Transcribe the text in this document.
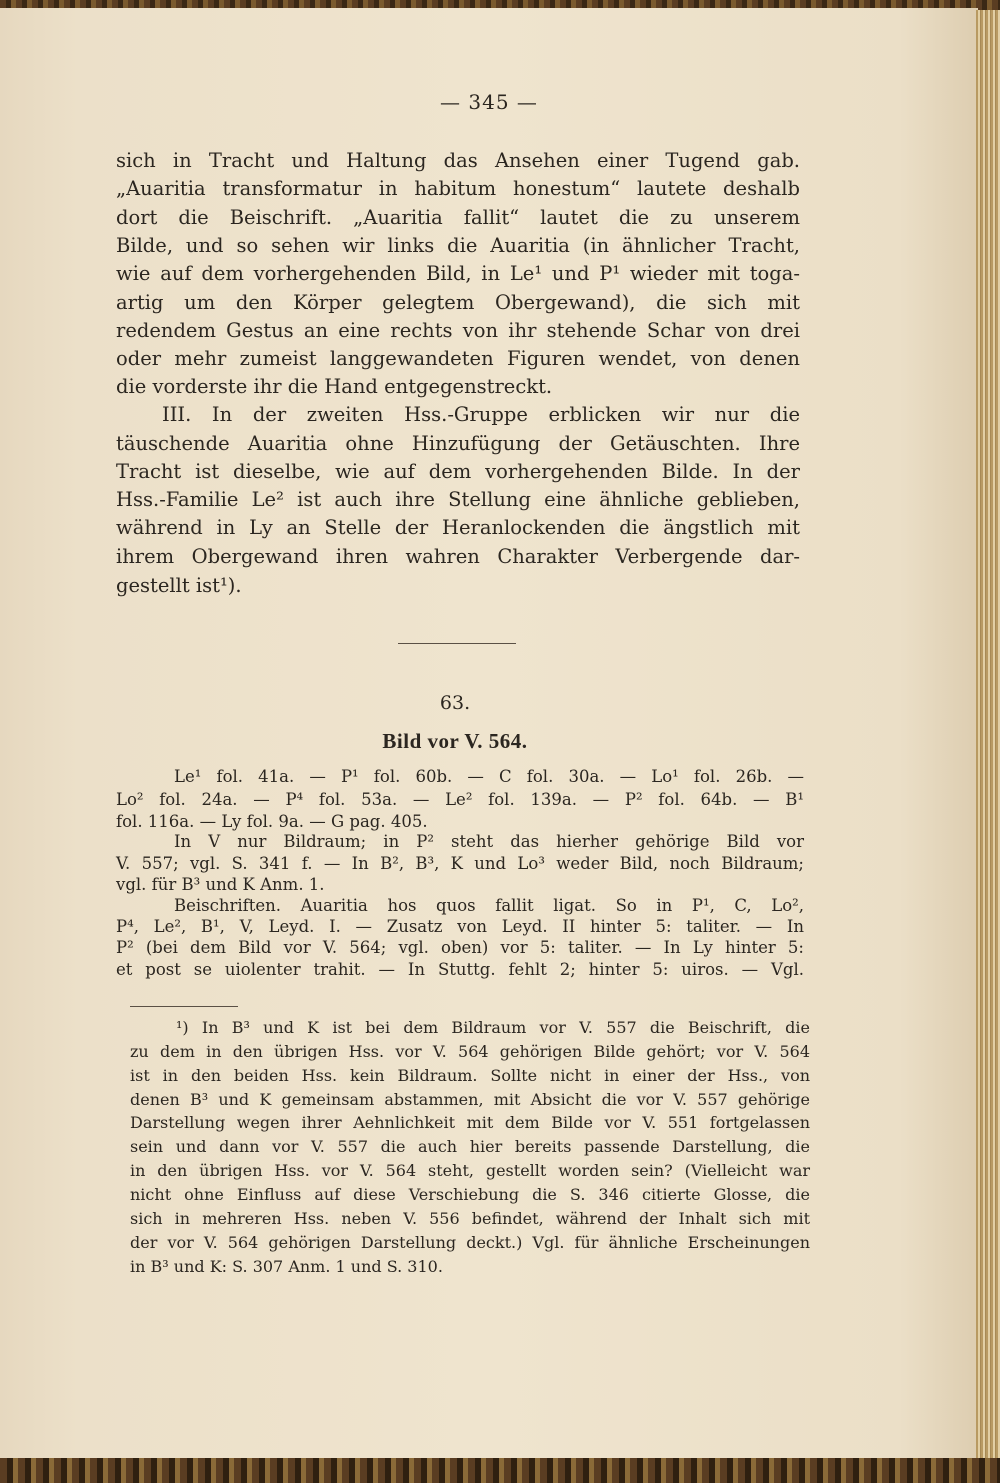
— 345 —
sich in Tracht und Haltung das Ansehen einer Tugend gab.
„Auaritia transformatur in habitum honestum“ lautete deshalb
dort die Beischrift. „Auaritia fallit“ lautet die zu unserem
Bilde, und so sehen wir links die Auaritia (in ähnlicher Tracht,
wie auf dem vorhergehenden Bild, in Le¹ und P¹ wieder mit toga-
artig um den Körper gelegtem Obergewand), die sich mit
redendem Gestus an eine rechts von ihr stehende Schar von drei
oder mehr zumeist langgewandeten Figuren wendet, von denen
die vorderste ihr die Hand entgegenstreckt.
III. In der zweiten Hss.-Gruppe erblicken wir nur die
täuschende Auaritia ohne Hinzufügung der Getäuschten. Ihre
Tracht ist dieselbe, wie auf dem vorhergehenden Bilde. In der
Hss.-Familie Le² ist auch ihre Stellung eine ähnliche geblieben,
während in Ly an Stelle der Heranlockenden die ängstlich mit
ihrem Obergewand ihren wahren Charakter Verbergende dar-
gestellt ist¹).
63.
Bild vor V. 564.
Le¹ fol. 41a. — P¹ fol. 60b. — C fol. 30a. — Lo¹ fol. 26b. —
Lo² fol. 24a. — P⁴ fol. 53a. — Le² fol. 139a. — P² fol. 64b. — B¹
fol. 116a. — Ly fol. 9a. — G pag. 405.
In V nur Bildraum; in P² steht das hierher gehörige Bild vor
V. 557; vgl. S. 341 f. — In B², B³, K und Lo³ weder Bild, noch Bildraum;
vgl. für B³ und K Anm. 1.
Beischriften. Auaritia hos quos fallit ligat. So in P¹, C, Lo²,
P⁴, Le², B¹, V, Leyd. I. — Zusatz von Leyd. II hinter 5: taliter. — In
P² (bei dem Bild vor V. 564; vgl. oben) vor 5: taliter. — In Ly hinter 5:
et post se uiolenter trahit. — In Stuttg. fehlt 2; hinter 5: uiros. — Vgl.
¹) In B³ und K ist bei dem Bildraum vor V. 557 die Beischrift, die
zu dem in den übrigen Hss. vor V. 564 gehörigen Bilde gehört; vor V. 564
ist in den beiden Hss. kein Bildraum. Sollte nicht in einer der Hss., von
denen B³ und K gemeinsam abstammen, mit Absicht die vor V. 557 gehörige
Darstellung wegen ihrer Aehnlichkeit mit dem Bilde vor V. 551 fortgelassen
sein und dann vor V. 557 die auch hier bereits passende Darstellung, die
in den übrigen Hss. vor V. 564 steht, gestellt worden sein? (Vielleicht war
nicht ohne Einfluss auf diese Verschiebung die S. 346 citierte Glosse, die
sich in mehreren Hss. neben V. 556 befindet, während der Inhalt sich mit
der vor V. 564 gehörigen Darstellung deckt.) Vgl. für ähnliche Erscheinungen
in B³ und K: S. 307 Anm. 1 und S. 310.
